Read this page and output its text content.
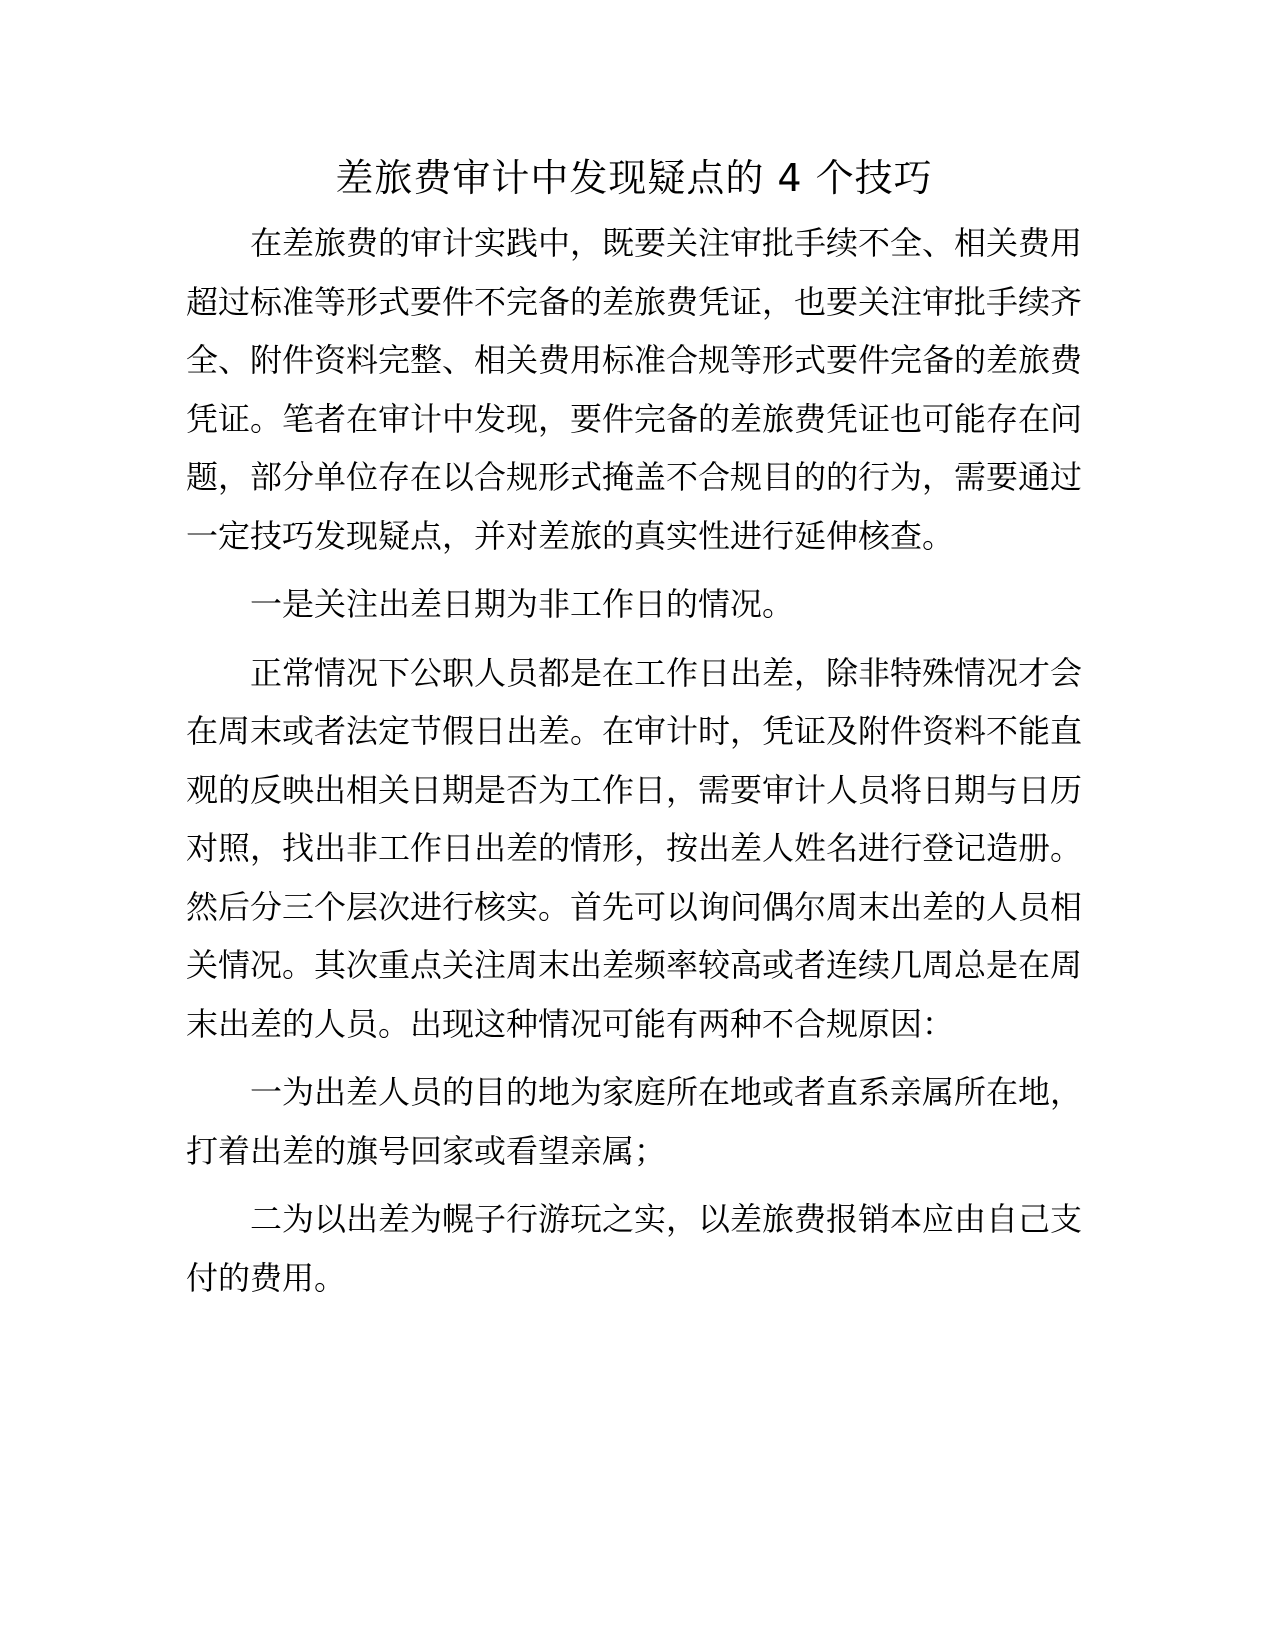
差旅费审计中发现疑点的 4 个技巧

在差旅费的审计实践中，既要关注审批手续不全、相关费用超过标准等形式要件不完备的差旅费凭证，也要关注审批手续齐全、附件资料完整、相关费用标准合规等形式要件完备的差旅费凭证。笔者在审计中发现，要件完备的差旅费凭证也可能存在问题，部分单位存在以合规形式掩盖不合规目的的行为，需要通过一定技巧发现疑点，并对差旅的真实性进行延伸核查。

一是关注出差日期为非工作日的情况。

正常情况下公职人员都是在工作日出差，除非特殊情况才会在周末或者法定节假日出差。在审计时，凭证及附件资料不能直观的反映出相关日期是否为工作日，需要审计人员将日期与日历对照，找出非工作日出差的情形，按出差人姓名进行登记造册。然后分三个层次进行核实。首先可以询问偶尔周末出差的人员相关情况。其次重点关注周末出差频率较高或者连续几周总是在周末出差的人员。出现这种情况可能有两种不合规原因：

一为出差人员的目的地为家庭所在地或者直系亲属所在地，打着出差的旗号回家或看望亲属；

二为以出差为幌子行游玩之实，以差旅费报销本应由自己支付的费用。
